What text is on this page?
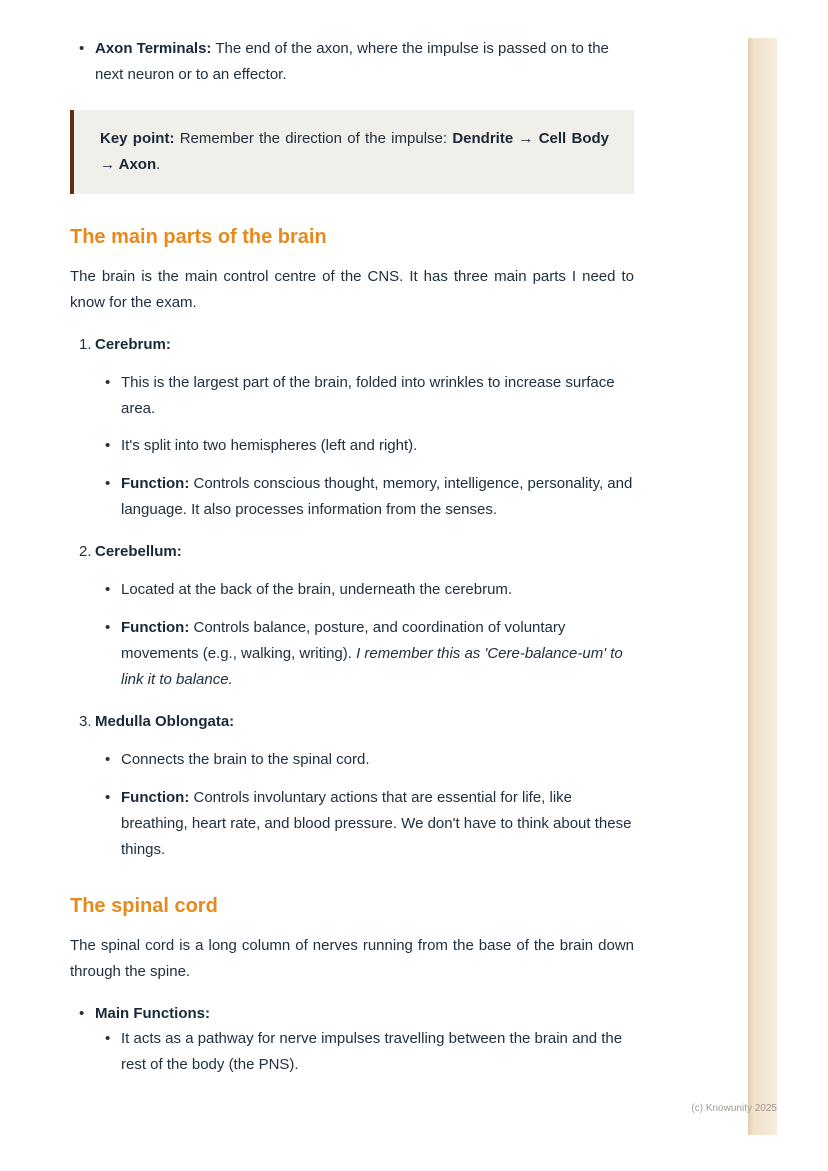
• Axon Terminals: The end of the axon, where the impulse is passed on to the next neuron or to an effector.

Key point: Remember the direction of the impulse: Dendrite → Cell Body → Axon.

The main parts of the brain

The brain is the main control centre of the CNS. It has three main parts I need to know for the exam.

1. Cerebrum:
• This is the largest part of the brain, folded into wrinkles to increase surface area.
• It's split into two hemispheres (left and right).
• Function: Controls conscious thought, memory, intelligence, personality, and language. It also processes information from the senses.
2. Cerebellum:
• Located at the back of the brain, underneath the cerebrum.
• Function: Controls balance, posture, and coordination of voluntary movements (e.g., walking, writing). I remember this as 'Cere-balance-um' to link it to balance.
3. Medulla Oblongata:
• Connects the brain to the spinal cord.
• Function: Controls involuntary actions that are essential for life, like breathing, heart rate, and blood pressure. We don't have to think about these things.
The spinal cord

The spinal cord is a long column of nerves running from the base of the brain down through the spine.

• Main Functions:
• It acts as a pathway for nerve impulses travelling between the brain and the rest of the body (the PNS).
(c) Knowunity 2025
